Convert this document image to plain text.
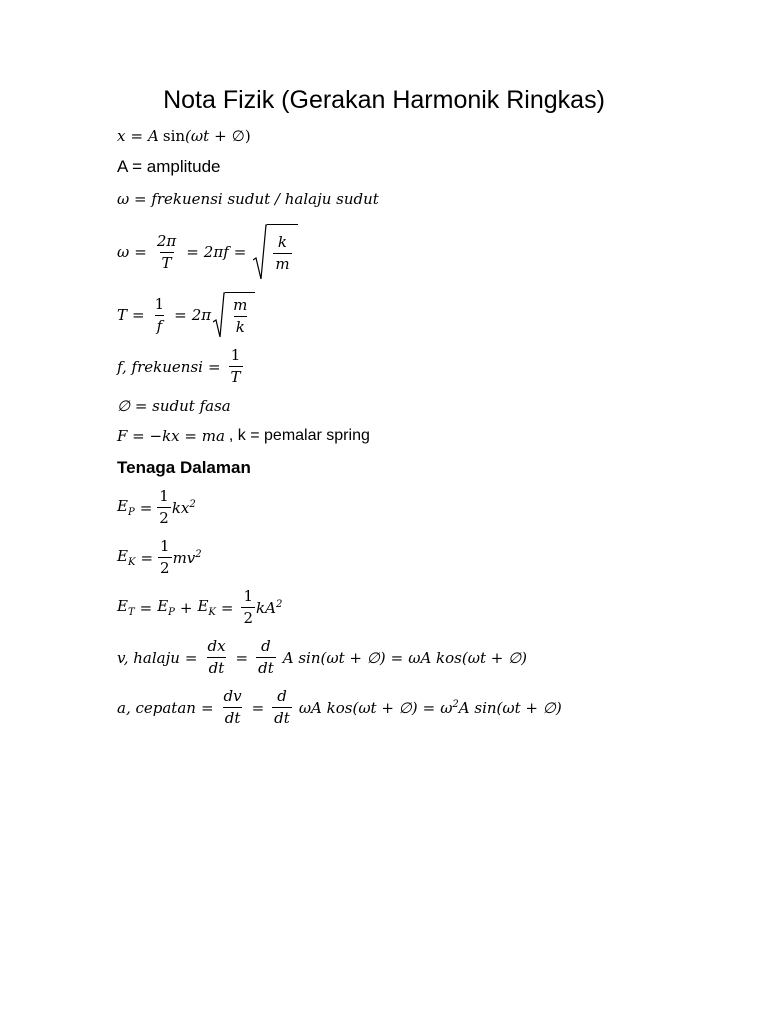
Nota Fizik (Gerakan Harmonik Ringkas)
x = A sin (ωt + ∅)
A = amplitude
ω = frekuensi sudut / halaju sudut
$\omega = \frac{2\pi}{T} = 2\pi f = \frac{k}{m}$
$T = \frac{1}{f} = 2\pi \frac{m}{k}$
f, frekuensi = $\frac{1}{T}$
∅ = sudut fasa
F = −kx = ma , k = pemalar spring
Tenaga Dalaman
$E_P = \frac{1}{2} kx^2$
$E_K = \frac{1}{2} mv^2$
$E_T = E_P + E_K = \frac{1}{2} kA^2$
v, halaju = $\frac{dx}{dt} = \frac{d}{dt}$ A sin(ωt + ∅) = ωA kos(ωt + ∅)
a, cepatan = $\frac{dv}{dt} = \frac{d}{dt}$ ωA kos(ωt + ∅) = $\omega^2A$ sin(ωt + ∅)
